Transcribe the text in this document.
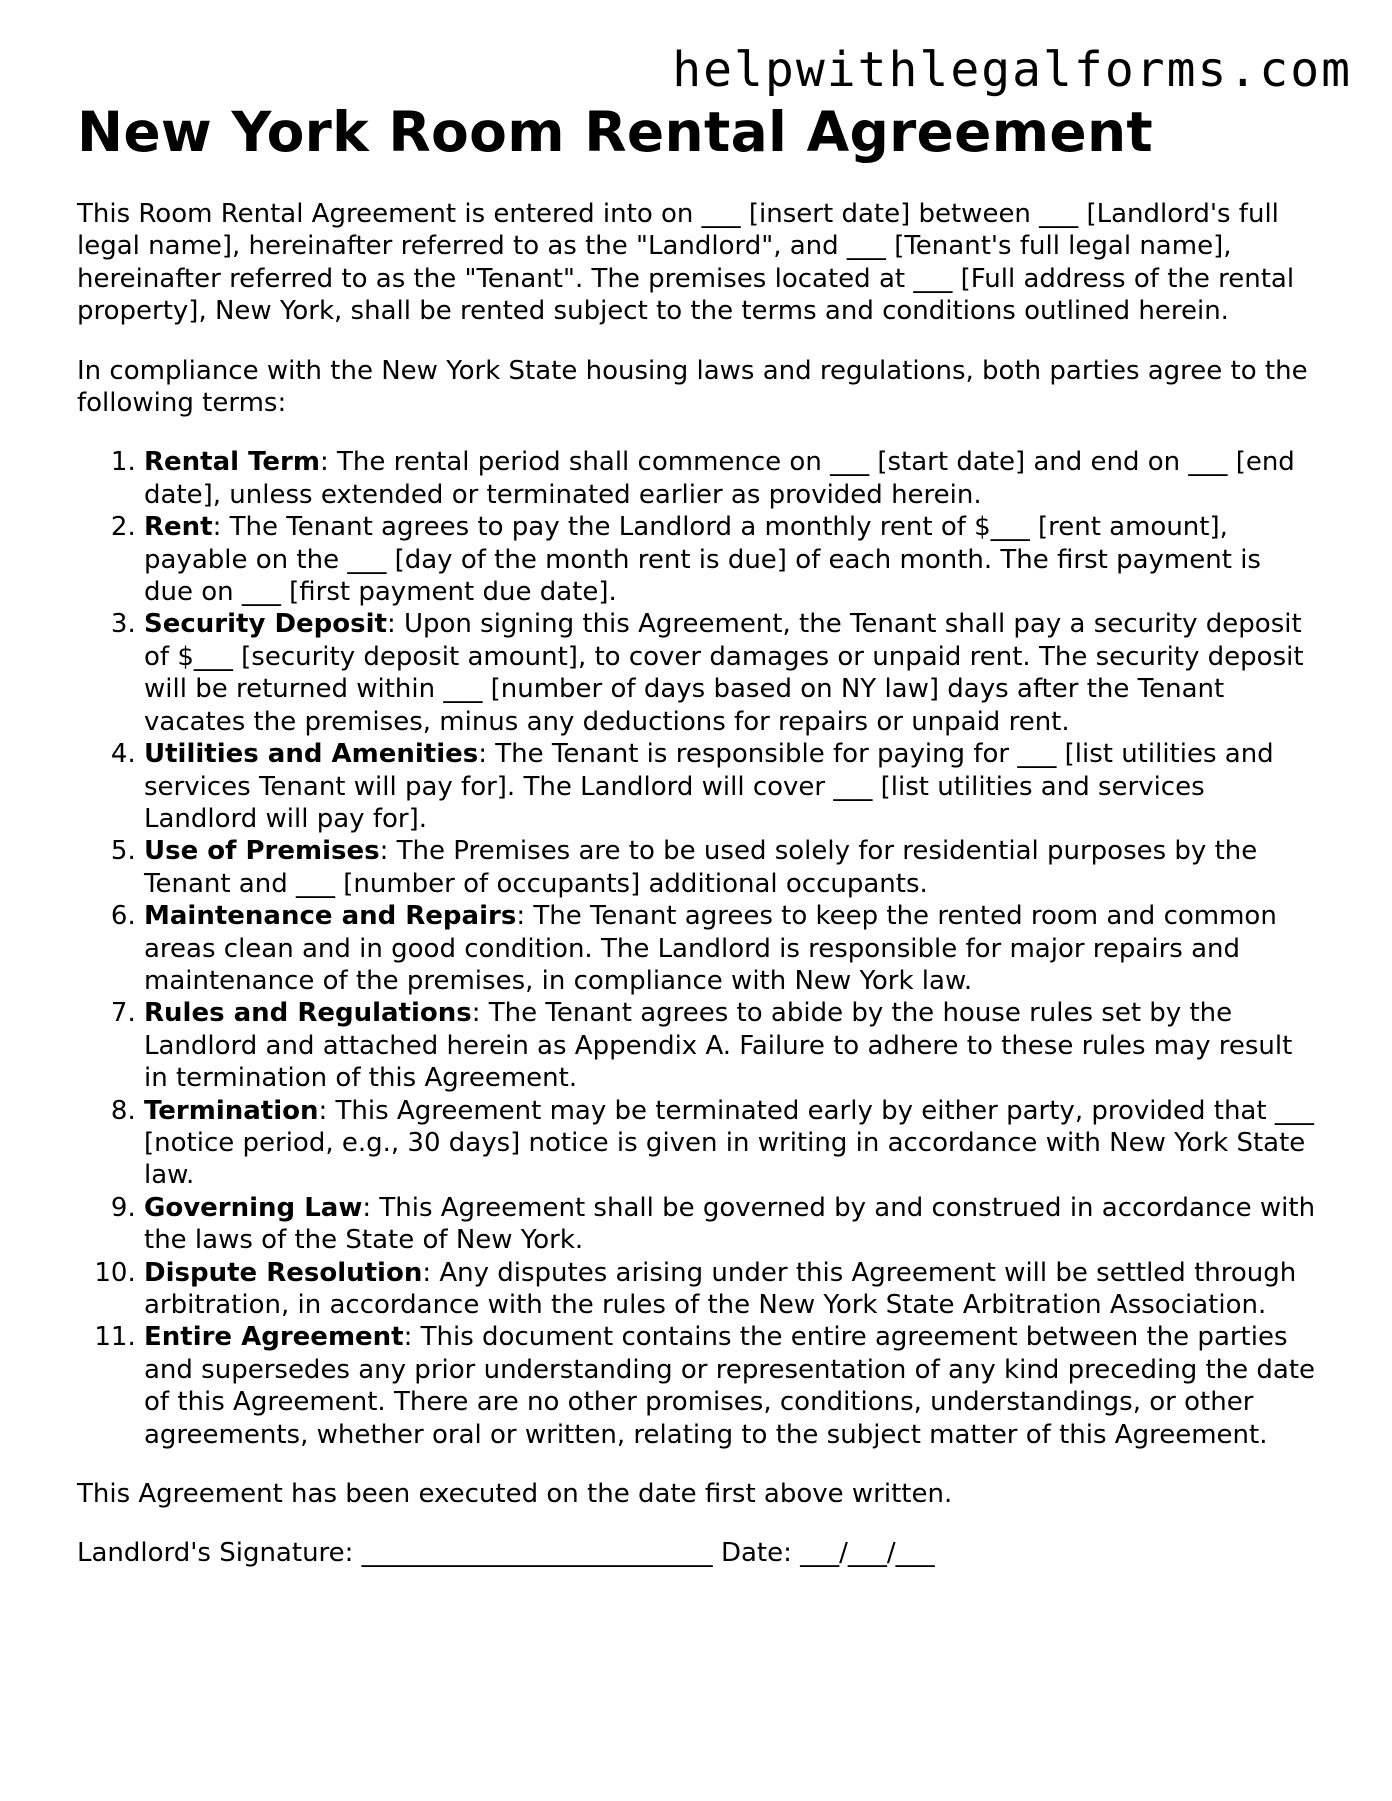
helpwithlegalforms.com
New York Room Rental Agreement

This Room Rental Agreement is entered into on ___ [insert date] between ___ [Landlord's full legal name], hereinafter referred to as the "Landlord", and ___ [Tenant's full legal name], hereinafter referred to as the "Tenant". The premises located at ___ [Full address of the rental property], New York, shall be rented subject to the terms and conditions outlined herein.

In compliance with the New York State housing laws and regulations, both parties agree to the following terms:

1. Rental Term: The rental period shall commence on ___ [start date] and end on ___ [end date], unless extended or terminated earlier as provided herein.
2. Rent: The Tenant agrees to pay the Landlord a monthly rent of $___ [rent amount], payable on the ___ [day of the month rent is due] of each month. The first payment is due on ___ [first payment due date].
3. Security Deposit: Upon signing this Agreement, the Tenant shall pay a security deposit of $___ [security deposit amount], to cover damages or unpaid rent. The security deposit will be returned within ___ [number of days based on NY law] days after the Tenant vacates the premises, minus any deductions for repairs or unpaid rent.
4. Utilities and Amenities: The Tenant is responsible for paying for ___ [list utilities and services Tenant will pay for]. The Landlord will cover ___ [list utilities and services Landlord will pay for].
5. Use of Premises: The Premises are to be used solely for residential purposes by the Tenant and ___ [number of occupants] additional occupants.
6. Maintenance and Repairs: The Tenant agrees to keep the rented room and common areas clean and in good condition. The Landlord is responsible for major repairs and maintenance of the premises, in compliance with New York law.
7. Rules and Regulations: The Tenant agrees to abide by the house rules set by the Landlord and attached herein as Appendix A. Failure to adhere to these rules may result in termination of this Agreement.
8. Termination: This Agreement may be terminated early by either party, provided that ___ [notice period, e.g., 30 days] notice is given in writing in accordance with New York State law.
9. Governing Law: This Agreement shall be governed by and construed in accordance with the laws of the State of New York.
10. Dispute Resolution: Any disputes arising under this Agreement will be settled through arbitration, in accordance with the rules of the New York State Arbitration Association.
11. Entire Agreement: This document contains the entire agreement between the parties and supersedes any prior understanding or representation of any kind preceding the date of this Agreement. There are no other promises, conditions, understandings, or other agreements, whether oral or written, relating to the subject matter of this Agreement.

This Agreement has been executed on the date first above written.

Landlord's Signature: ___________________________ Date: ___/___/___
